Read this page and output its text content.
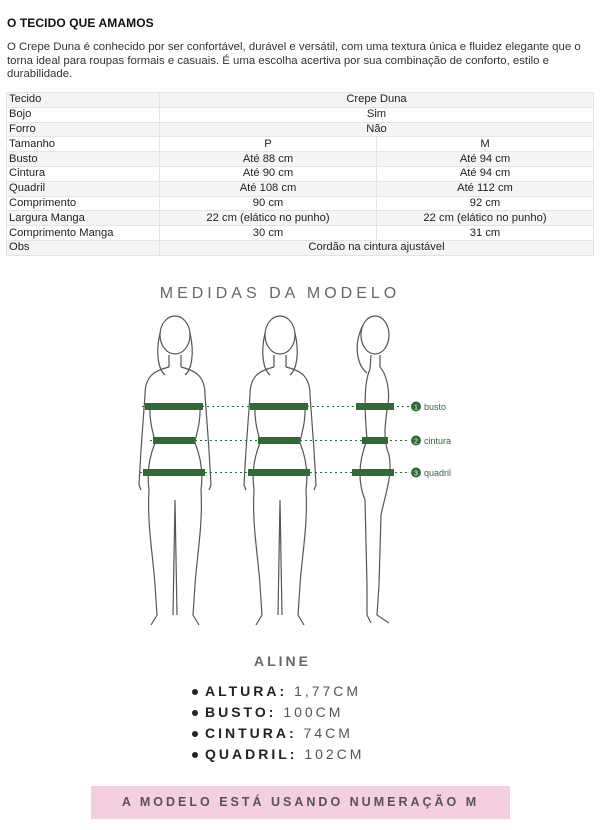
O TECIDO QUE AMAMOS
O Crepe Duna é conhecido por ser confortável, durável e versátil, com uma textura única e fluidez elegante que o torna ideal para roupas formais e casuais. É uma escolha acertiva por sua combinação de conforto, estilo e durabilidade.
Tecido	Crepe Duna	
Bojo	Sim	
Forro	Não	
Tamanho	P	M
Busto	Até 88 cm	Até 94 cm
Cintura	Até 90 cm	Até 94 cm
Quadril	Até 108 cm	Até 112 cm
Comprimento	90 cm	92 cm
Largura Manga	22 cm (elático no punho)	22 cm (elático no punho)
Comprimento Manga	30 cm	31 cm
Obs	Cordão na cintura ajustável	
MEDIDAS DA MODELO
1 busto
2 cintura
3 quadril
ALINE
ALTURA: 1,77CM
BUSTO: 100CM
CINTURA: 74CM
QUADRIL: 102CM
A MODELO ESTÁ USANDO NUMERAÇÃO M
